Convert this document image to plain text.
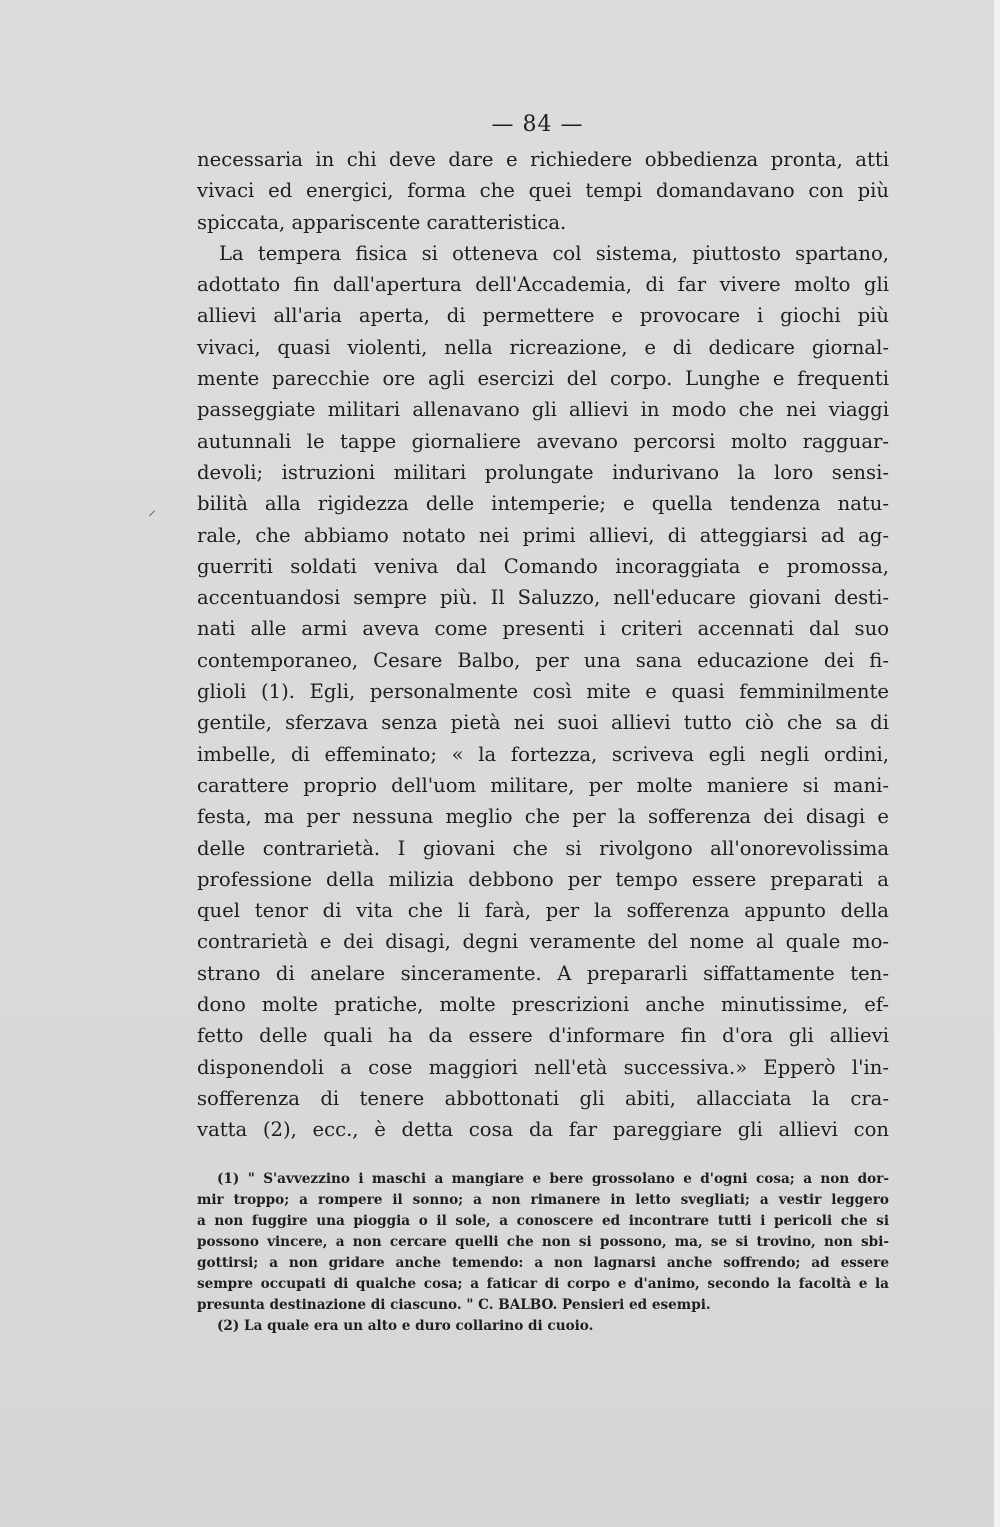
— 84 —
necessaria in chi deve dare e richiedere obbedienza pronta, atti
vivaci ed energici, forma che quei tempi domandavano con più
spiccata, appariscente caratteristica.
La tempera fisica si otteneva col sistema, piuttosto spartano,
adottato fin dall'apertura dell'Accademia, di far vivere molto gli
allievi all'aria aperta, di permettere e provocare i giochi più
vivaci, quasi violenti, nella ricreazione, e di dedicare giornal-
mente parecchie ore agli esercizi del corpo. Lunghe e frequenti
passeggiate militari allenavano gli allievi in modo che nei viaggi
autunnali le tappe giornaliere avevano percorsi molto ragguar-
devoli; istruzioni militari prolungate indurivano la loro sensi-
bilità alla rigidezza delle intemperie; e quella tendenza natu-
rale, che abbiamo notato nei primi allievi, di atteggiarsi ad ag-
guerriti soldati veniva dal Comando incoraggiata e promossa,
accentuandosi sempre più. Il Saluzzo, nell'educare giovani desti-
nati alle armi aveva come presenti i criteri accennati dal suo
contemporaneo, Cesare Balbo, per una sana educazione dei fi-
glioli (1). Egli, personalmente così mite e quasi femminilmente
gentile, sferzava senza pietà nei suoi allievi tutto ciò che sa di
imbelle, di effeminato; « la fortezza, scriveva egli negli ordini,
carattere proprio dell'uom militare, per molte maniere si mani-
festa, ma per nessuna meglio che per la sofferenza dei disagi e
delle contrarietà. I giovani che si rivolgono all'onorevolissima
professione della milizia debbono per tempo essere preparati a
quel tenor di vita che li farà, per la sofferenza appunto della
contrarietà e dei disagi, degni veramente del nome al quale mo-
strano di anelare sinceramente. A prepararli siffattamente ten-
dono molte pratiche, molte prescrizioni anche minutissime, ef-
fetto delle quali ha da essere d'informare fin d'ora gli allievi
disponendoli a cose maggiori nell'età successiva.» Epperò l'in-
sofferenza di tenere abbottonati gli abiti, allacciata la cra-
vatta (2), ecc., è detta cosa da far pareggiare gli allievi con
(1) " S'avvezzino i maschi a mangiare e bere grossolano e d'ogni cosa; a non dor-
mir troppo; a rompere il sonno; a non rimanere in letto svegliati; a vestir leggero
a non fuggire una pioggia o il sole, a conoscere ed incontrare tutti i pericoli che si
possono vincere, a non cercare quelli che non si possono, ma, se si trovino, non sbi-
gottirsi; a non gridare anche temendo: a non lagnarsi anche soffrendo; ad essere
sempre occupati di qualche cosa; a faticar di corpo e d'animo, secondo la facoltà e la
presunta destinazione di ciascuno. " C. BALBO. Pensieri ed esempi.
(2) La quale era un alto e duro collarino di cuoio.
⸝
